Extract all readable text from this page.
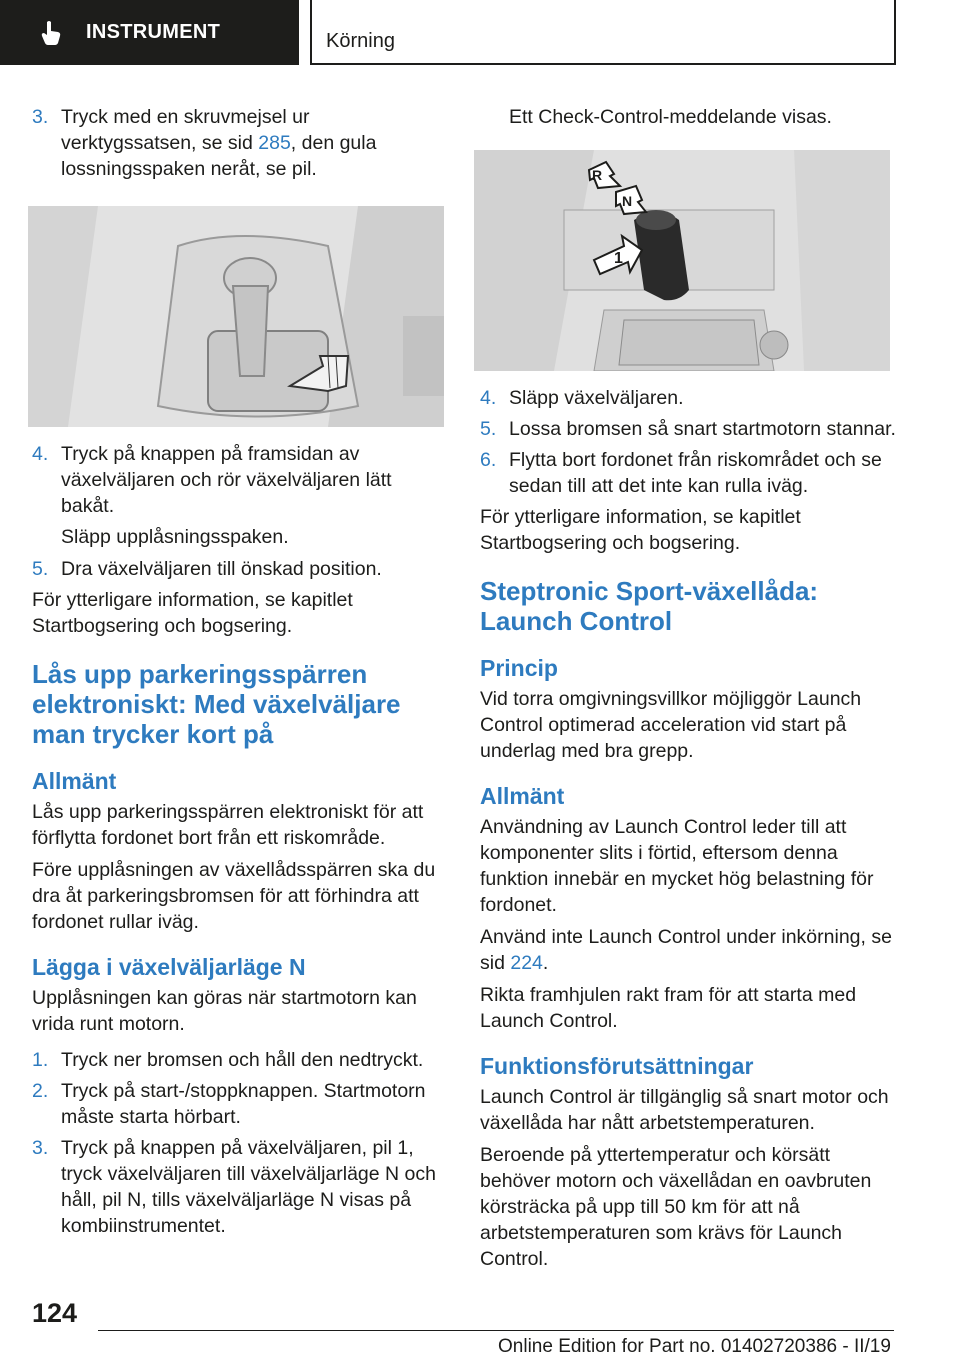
INSTRUMENT	Körning
3. Tryck med en skruvmejsel ur verktygssatsen, se sid 285, den gula lossningsspaken neråt, se pil.
4. Tryck på knappen på framsidan av växelväljaren och rör växelväljaren lätt bakåt.

Släpp upplåsningsspaken.

5. Dra växelväljaren till önskad position.

För ytterligare information, se kapitlet Startbogsering och bogsering.

Lås upp parkeringsspärren elektroniskt: Med växelväljare man trycker kort på
Allmänt

Lås upp parkeringsspärren elektroniskt för att förflytta fordonet bort från ett riskområde.

Före upplåsningen av växellådsspärren ska du dra åt parkeringsbromsen för att förhindra att fordonet rullar iväg.

Lägga i växelväljarläge N

Upplåsningen kan göras när startmotorn kan vrida runt motorn.

1. Tryck ner bromsen och håll den nedtryckt.
2. Tryck på start-/stoppknappen. Startmotorn måste starta hörbart.
3. Tryck på knappen på växelväljaren, pil 1, tryck växelväljaren till växelväljarläge N och håll, pil N, tills växelväljarläge N visas på kombiinstrumentet.

Ett Check-Control-meddelande visas.

R
N
1
4. Släpp växelväljaren.
5. Lossa bromsen så snart startmotorn stannar.
6. Flytta bort fordonet från riskområdet och se sedan till att det inte kan rulla iväg.

För ytterligare information, se kapitlet Startbogsering och bogsering.

Steptronic Sport-växellåda: Launch Control
Princip

Vid torra omgivningsvillkor möjliggör Launch Control optimerad acceleration vid start på underlag med bra grepp.

Allmänt

Användning av Launch Control leder till att komponenter slits i förtid, eftersom denna funktion innebär en mycket hög belastning för fordonet.

Använd inte Launch Control under inkörning, se sid 224.

Rikta framhjulen rakt fram för att starta med Launch Control.

Funktionsförutsättningar

Launch Control är tillgänglig så snart motor och växellåda har nått arbetstemperaturen.

Beroende på yttertemperatur och körsätt behöver motorn och växellådan en oavbruten körsträcka på upp till 50 km för att nå arbetstemperaturen som krävs för Launch Control.

124
Online Edition for Part no. 01402720386 - II/19
